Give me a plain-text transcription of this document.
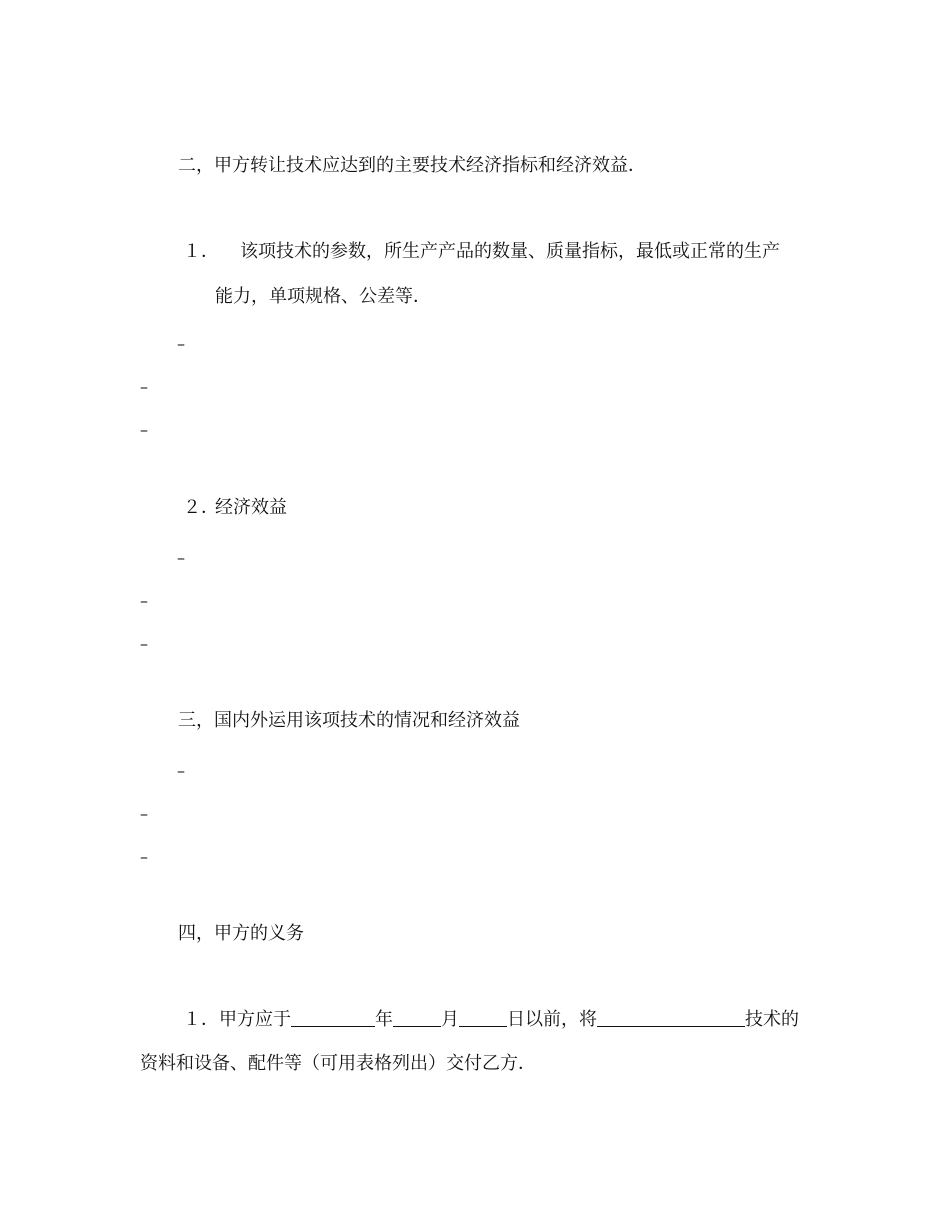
二，甲方转让技术应达到的主要技术经济指标和经济效益．
１． 该项技术的参数，所生产产品的数量、质量指标，最低或正常的生产
能力，单项规格、公差等．
–
–
–
２．
经济效益
–
–
–
三，国内外运用该项技术的情况和经济效益
–
–
–
四，甲方的义务
１．甲方应于	年	月	日以前，将	技术的
资料和设备、配件等（可用表格列出）交付乙方．
